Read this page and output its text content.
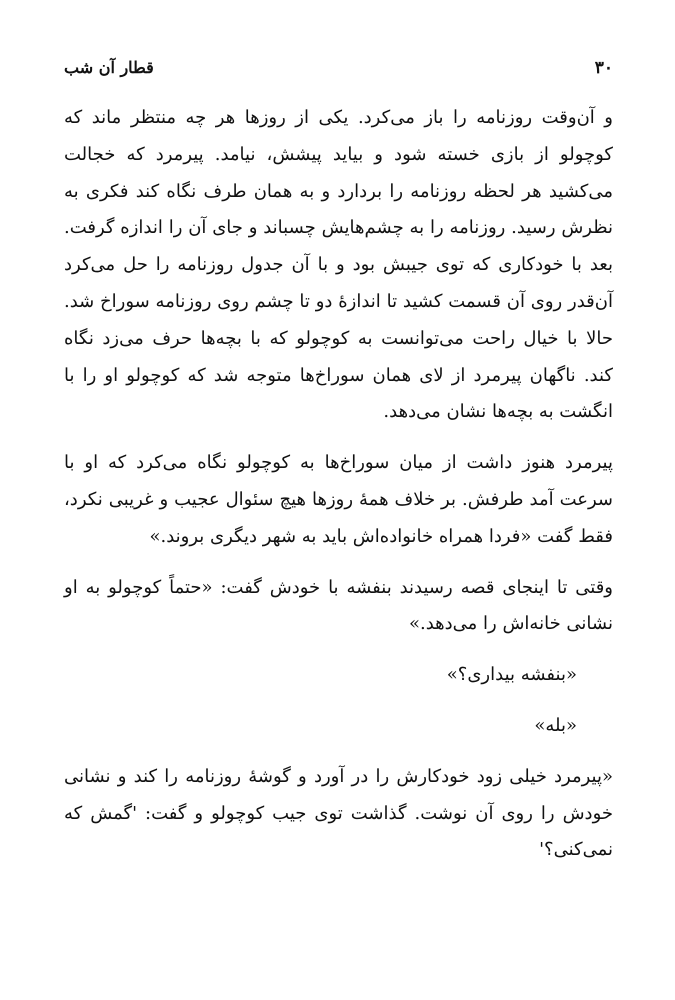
۳۰
قطار آن شب

و آن‌وقت روزنامه را باز می‌کرد. یکی از روزها هر چه منتظر ماند که کوچولو از بازی خسته شود و بیاید پیشش، نیامد. پیرمرد که خجالت می‌کشید هر لحظه روزنامه را بردارد و به همان طرف نگاه کند فکری به نظرش رسید. روزنامه را به چشم‌هایش چسباند و جای آن را اندازه گرفت. بعد با خودکاری که توی جیبش بود و با آن جدول روزنامه را حل می‌کرد آن‌قدر روی آن قسمت کشید تا اندازهٔ دو تا چشم روی روزنامه سوراخ شد. حالا با خیال راحت می‌توانست به کوچولو که با بچه‌ها حرف می‌زد نگاه کند. ناگهان پیرمرد از لای همان سوراخ‌ها متوجه شد که کوچولو او را با انگشت به بچه‌ها نشان می‌دهد.

پیرمرد هنوز داشت از میان سوراخ‌ها به کوچولو نگاه می‌کرد که او با سرعت آمد طرفش. بر خلاف همهٔ روزها هیچ سئوال عجیب و غریبی نکرد، فقط گفت «فردا همراه خانواده‌اش باید به شهر دیگری بروند.»

وقتی تا اینجای قصه رسیدند بنفشه با خودش گفت: «حتماً کوچولو به او نشانی خانه‌اش را می‌دهد.»

«بنفشه بیداری؟»

«بله»

«پیرمرد خیلی زود خودکارش را در آورد و گوشهٔ روزنامه را کند و نشانی خودش را روی آن نوشت. گذاشت توی جیب کوچولو و گفت: 'گمش که نمی‌کنی؟'
